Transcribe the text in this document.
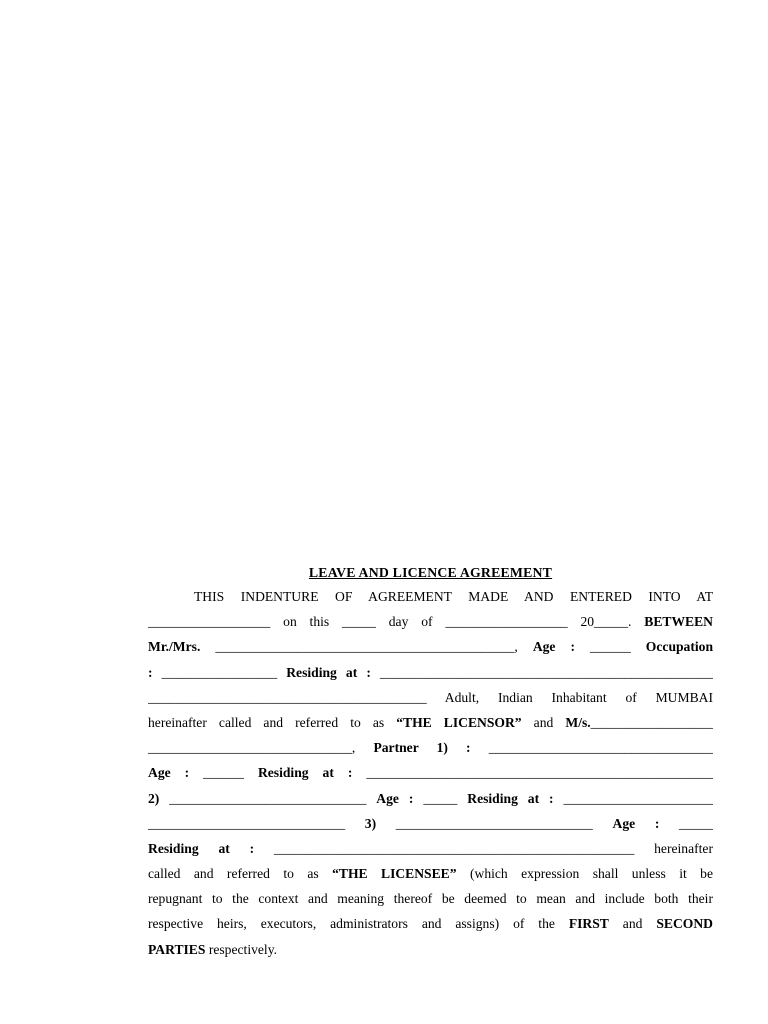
LEAVE AND LICENCE AGREEMENT
THIS INDENTURE OF AGREEMENT MADE AND ENTERED INTO AT
__________________ on this _____ day of __________________ 20_____. BETWEEN
Mr./Mrs. ____________________________________________, Age : ______ Occupation
: _________________ Residing at : _________________________________________________
_________________________________________ Adult, Indian Inhabitant of MUMBAI
hereinafter called and referred to as “THE LICENSOR” and M/s.__________________
______________________________, Partner 1) : _________________________________
Age : ______ Residing at : ___________________________________________________
2) _____________________________ Age : _____ Residing at : ______________________
_____________________________ 3) _____________________________ Age : _____
Residing at : _____________________________________________________ hereinafter
called and referred to as “THE LICENSEE” (which expression shall unless it be
repugnant to the context and meaning thereof be deemed to mean and include both their
respective heirs, executors, administrators and assigns) of the FIRST and SECOND
PARTIES respectively.
